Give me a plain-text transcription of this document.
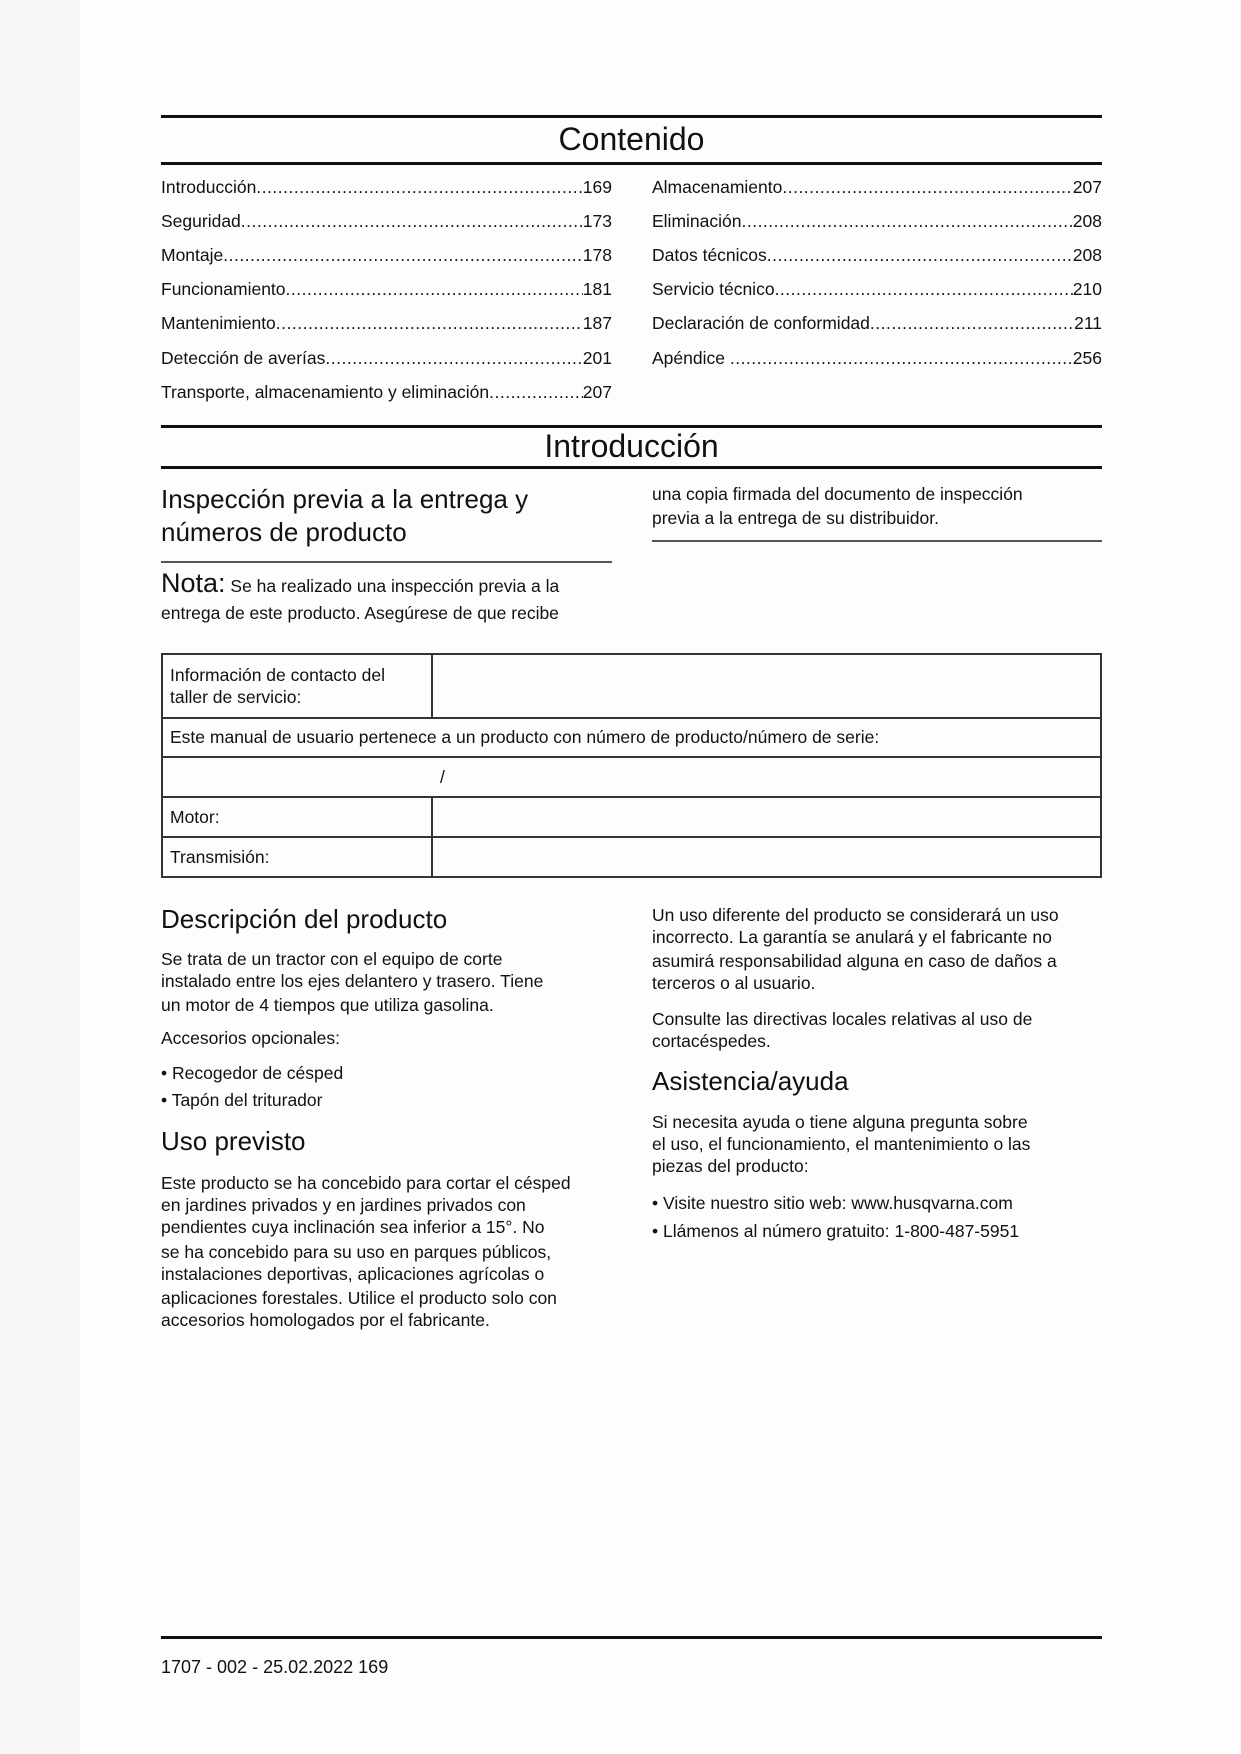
Contenido
Introducción .....	169
Seguridad .....	173
Montaje .....	178
Funcionamiento .....	181
Mantenimiento .....	187
Detección de averías .....	201
Transporte, almacenamiento y eliminación .....	207
Almacenamiento .....	207
Eliminación .....	208
Datos técnicos .....	208
Servicio técnico .....	210
Declaración de conformidad .....	211
Apéndice .....	256
Introducción
Inspección previa a la entrega y
números de producto
Nota: Se ha realizado una inspección previa a la
entrega de este producto. Asegúrese de que recibe
una copia firmada del documento de inspección
previa a la entrega de su distribuidor.
Información de contacto del taller de servicio:	
Este manual de usuario pertenece a un producto con número de producto/número de serie:	
/	
Motor:	
Transmisión:	
Descripción del producto
Se trata de un tractor con el equipo de corte
instalado entre los ejes delantero y trasero. Tiene
un motor de 4 tiempos que utiliza gasolina.
Accesorios opcionales:
• Recogedor de césped
• Tapón del triturador
Uso previsto
Este producto se ha concebido para cortar el césped
en jardines privados y en jardines privados con
pendientes cuya inclinación sea inferior a 15°. No
se ha concebido para su uso en parques públicos,
instalaciones deportivas, aplicaciones agrícolas o
aplicaciones forestales. Utilice el producto solo con
accesorios homologados por el fabricante.
Un uso diferente del producto se considerará un uso
incorrecto. La garantía se anulará y el fabricante no
asumirá responsabilidad alguna en caso de daños a
terceros o al usuario.
Consulte las directivas locales relativas al uso de
cortacéspedes.
Asistencia/ayuda
Si necesita ayuda o tiene alguna pregunta sobre
el uso, el funcionamiento, el mantenimiento o las
piezas del producto:
• Visite nuestro sitio web: www.husqvarna.com
• Llámenos al número gratuito: 1-800-487-5951
1707 - 002 - 25.02.2022 169
